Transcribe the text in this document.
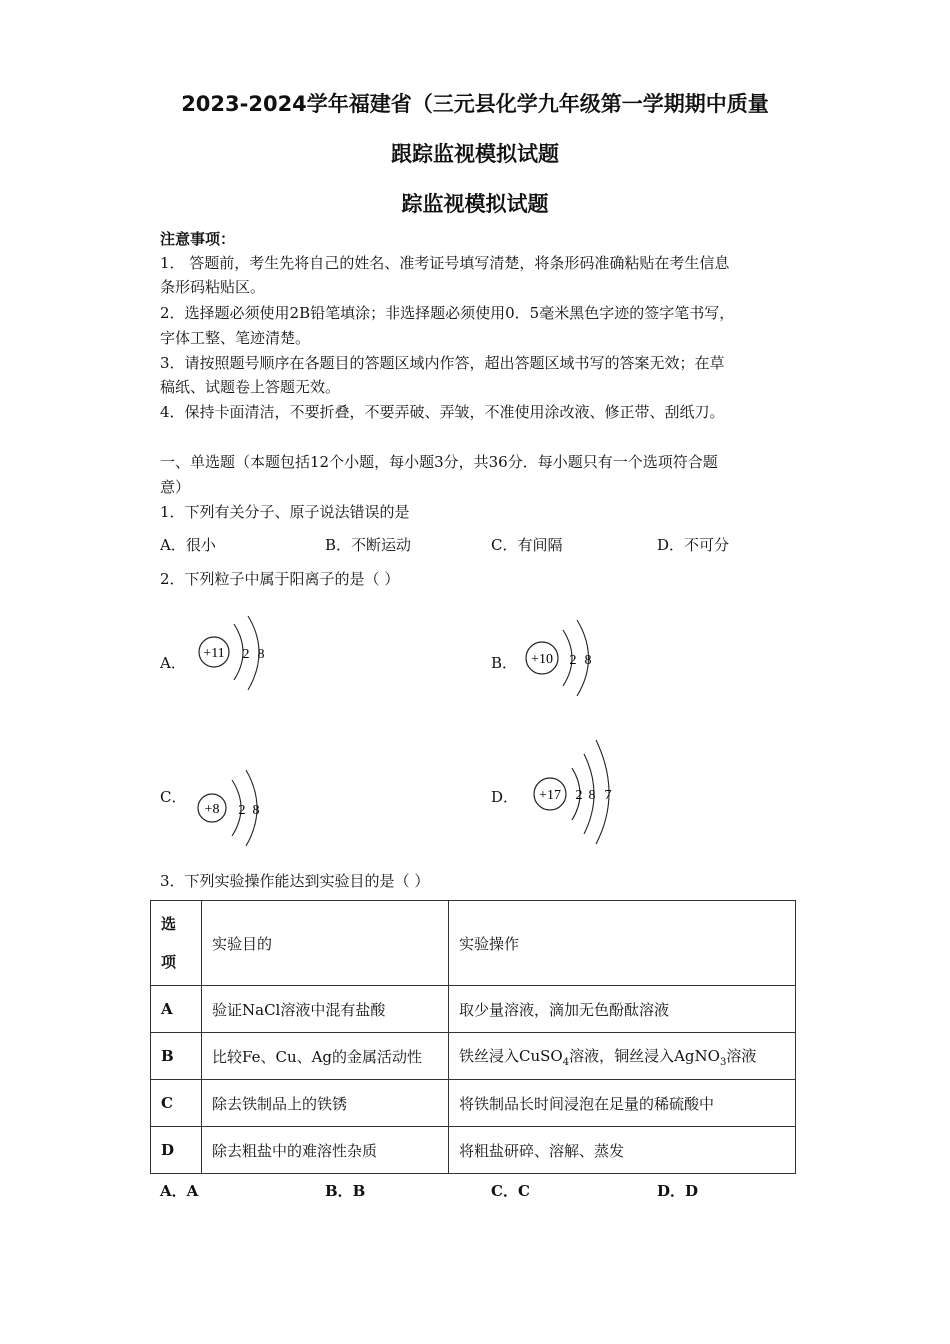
2023-2024学年福建省（三元县化学九年级第一学期期中质量
跟踪监视模拟试题
踪监视模拟试题
注意事项：
1． 答题前，考生先将自己的姓名、准考证号填写清楚，将条形码准确粘贴在考生信息
条形码粘贴区。
2．选择题必须使用2B铅笔填涂；非选择题必须使用0．5毫米黑色字迹的签字笔书写，
字体工整、笔迹清楚。
3．请按照题号顺序在各题目的答题区域内作答，超出答题区域书写的答案无效；在草
稿纸、试题卷上答题无效。
4．保持卡面清洁，不要折叠，不要弄破、弄皱，不准使用涂改液、修正带、刮纸刀。
一、单选题（本题包括12个小题，每小题3分，共36分．每小题只有一个选项符合题
意）
1．下列有关分子、原子说法错误的是
A．很小	B．不断运动	C．有间隔	D．不可分
2．下列粒子中属于阳离子的是（ ）
A．	B．
C．	D．
+11 2 8	+10 2 8
+8 2 8
+17 2 8 7
3．下列实验操作能达到实验目的是（ ）
选
项	实验目的	实验操作
A	验证NaCl溶液中混有盐酸	取少量溶液，滴加无色酚酞溶液
B	比较Fe、Cu、Ag的金属活动性	铁丝浸入CuSO$_4$溶液，铜丝浸入AgNO$_3$溶液
C	除去铁制品上的铁锈	将铁制品长时间浸泡在足量的稀硫酸中
D	除去粗盐中的难溶性杂质	将粗盐研碎、溶解、蒸发
A．A	B．B	C．C	D．D
